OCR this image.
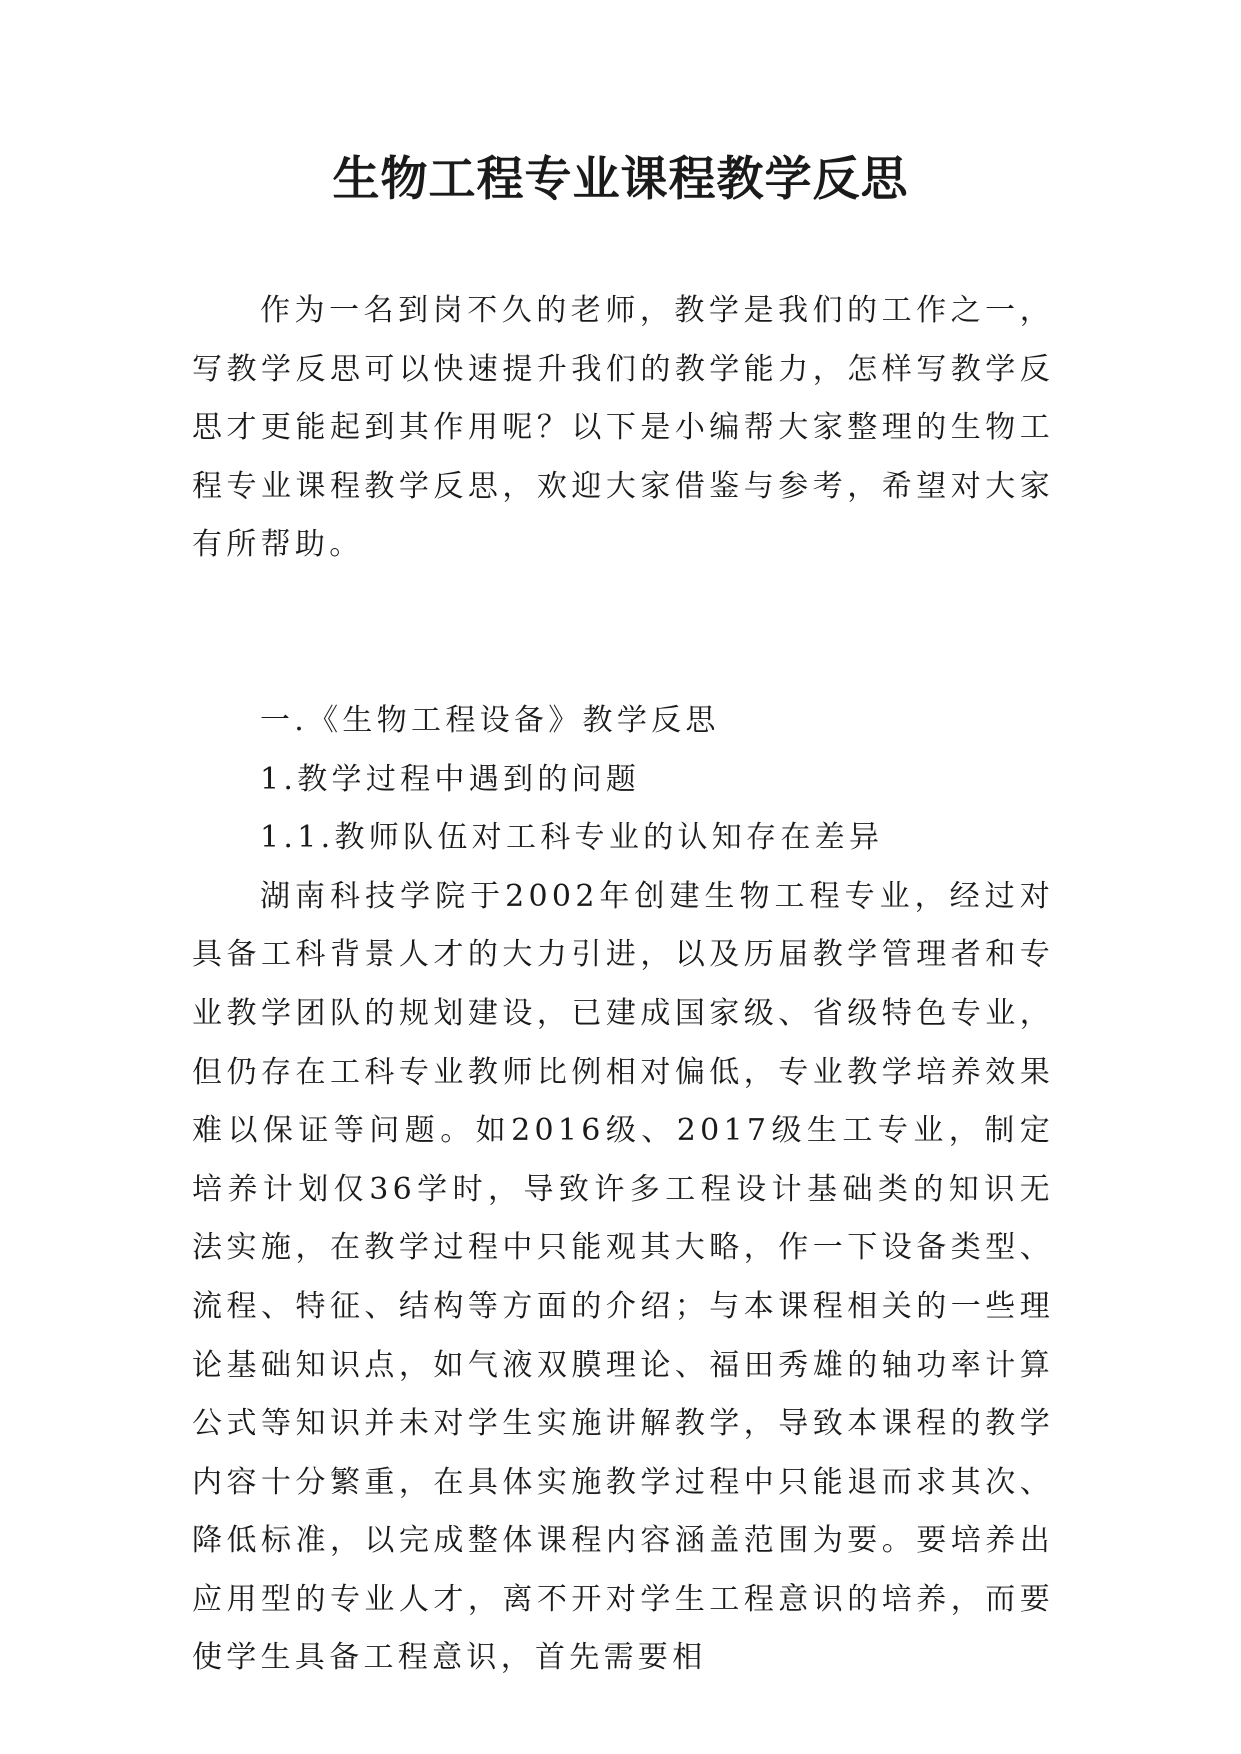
生物工程专业课程教学反思

作为一名到岗不久的老师，教学是我们的工作之一，写教学反思可以快速提升我们的教学能力，怎样写教学反思才更能起到其作用呢？以下是小编帮大家整理的生物工程专业课程教学反思，欢迎大家借鉴与参考，希望对大家有所帮助。

一.《生物工程设备》教学反思

1.教学过程中遇到的问题

1.1.教师队伍对工科专业的认知存在差异

湖南科技学院于2002年创建生物工程专业，经过对具备工科背景人才的大力引进，以及历届教学管理者和专业教学团队的规划建设，已建成国家级、省级特色专业，但仍存在工科专业教师比例相对偏低，专业教学培养效果难以保证等问题。如2016级、2017级生工专业，制定培养计划仅36学时，导致许多工程设计基础类的知识无法实施，在教学过程中只能观其大略，作一下设备类型、流程、特征、结构等方面的介绍；与本课程相关的一些理论基础知识点，如气液双膜理论、福田秀雄的轴功率计算公式等知识并未对学生实施讲解教学，导致本课程的教学内容十分繁重，在具体实施教学过程中只能退而求其次、降低标准，以完成整体课程内容涵盖范围为要。要培养出应用型的专业人才，离不开对学生工程意识的培养，而要使学生具备工程意识，首先需要相
